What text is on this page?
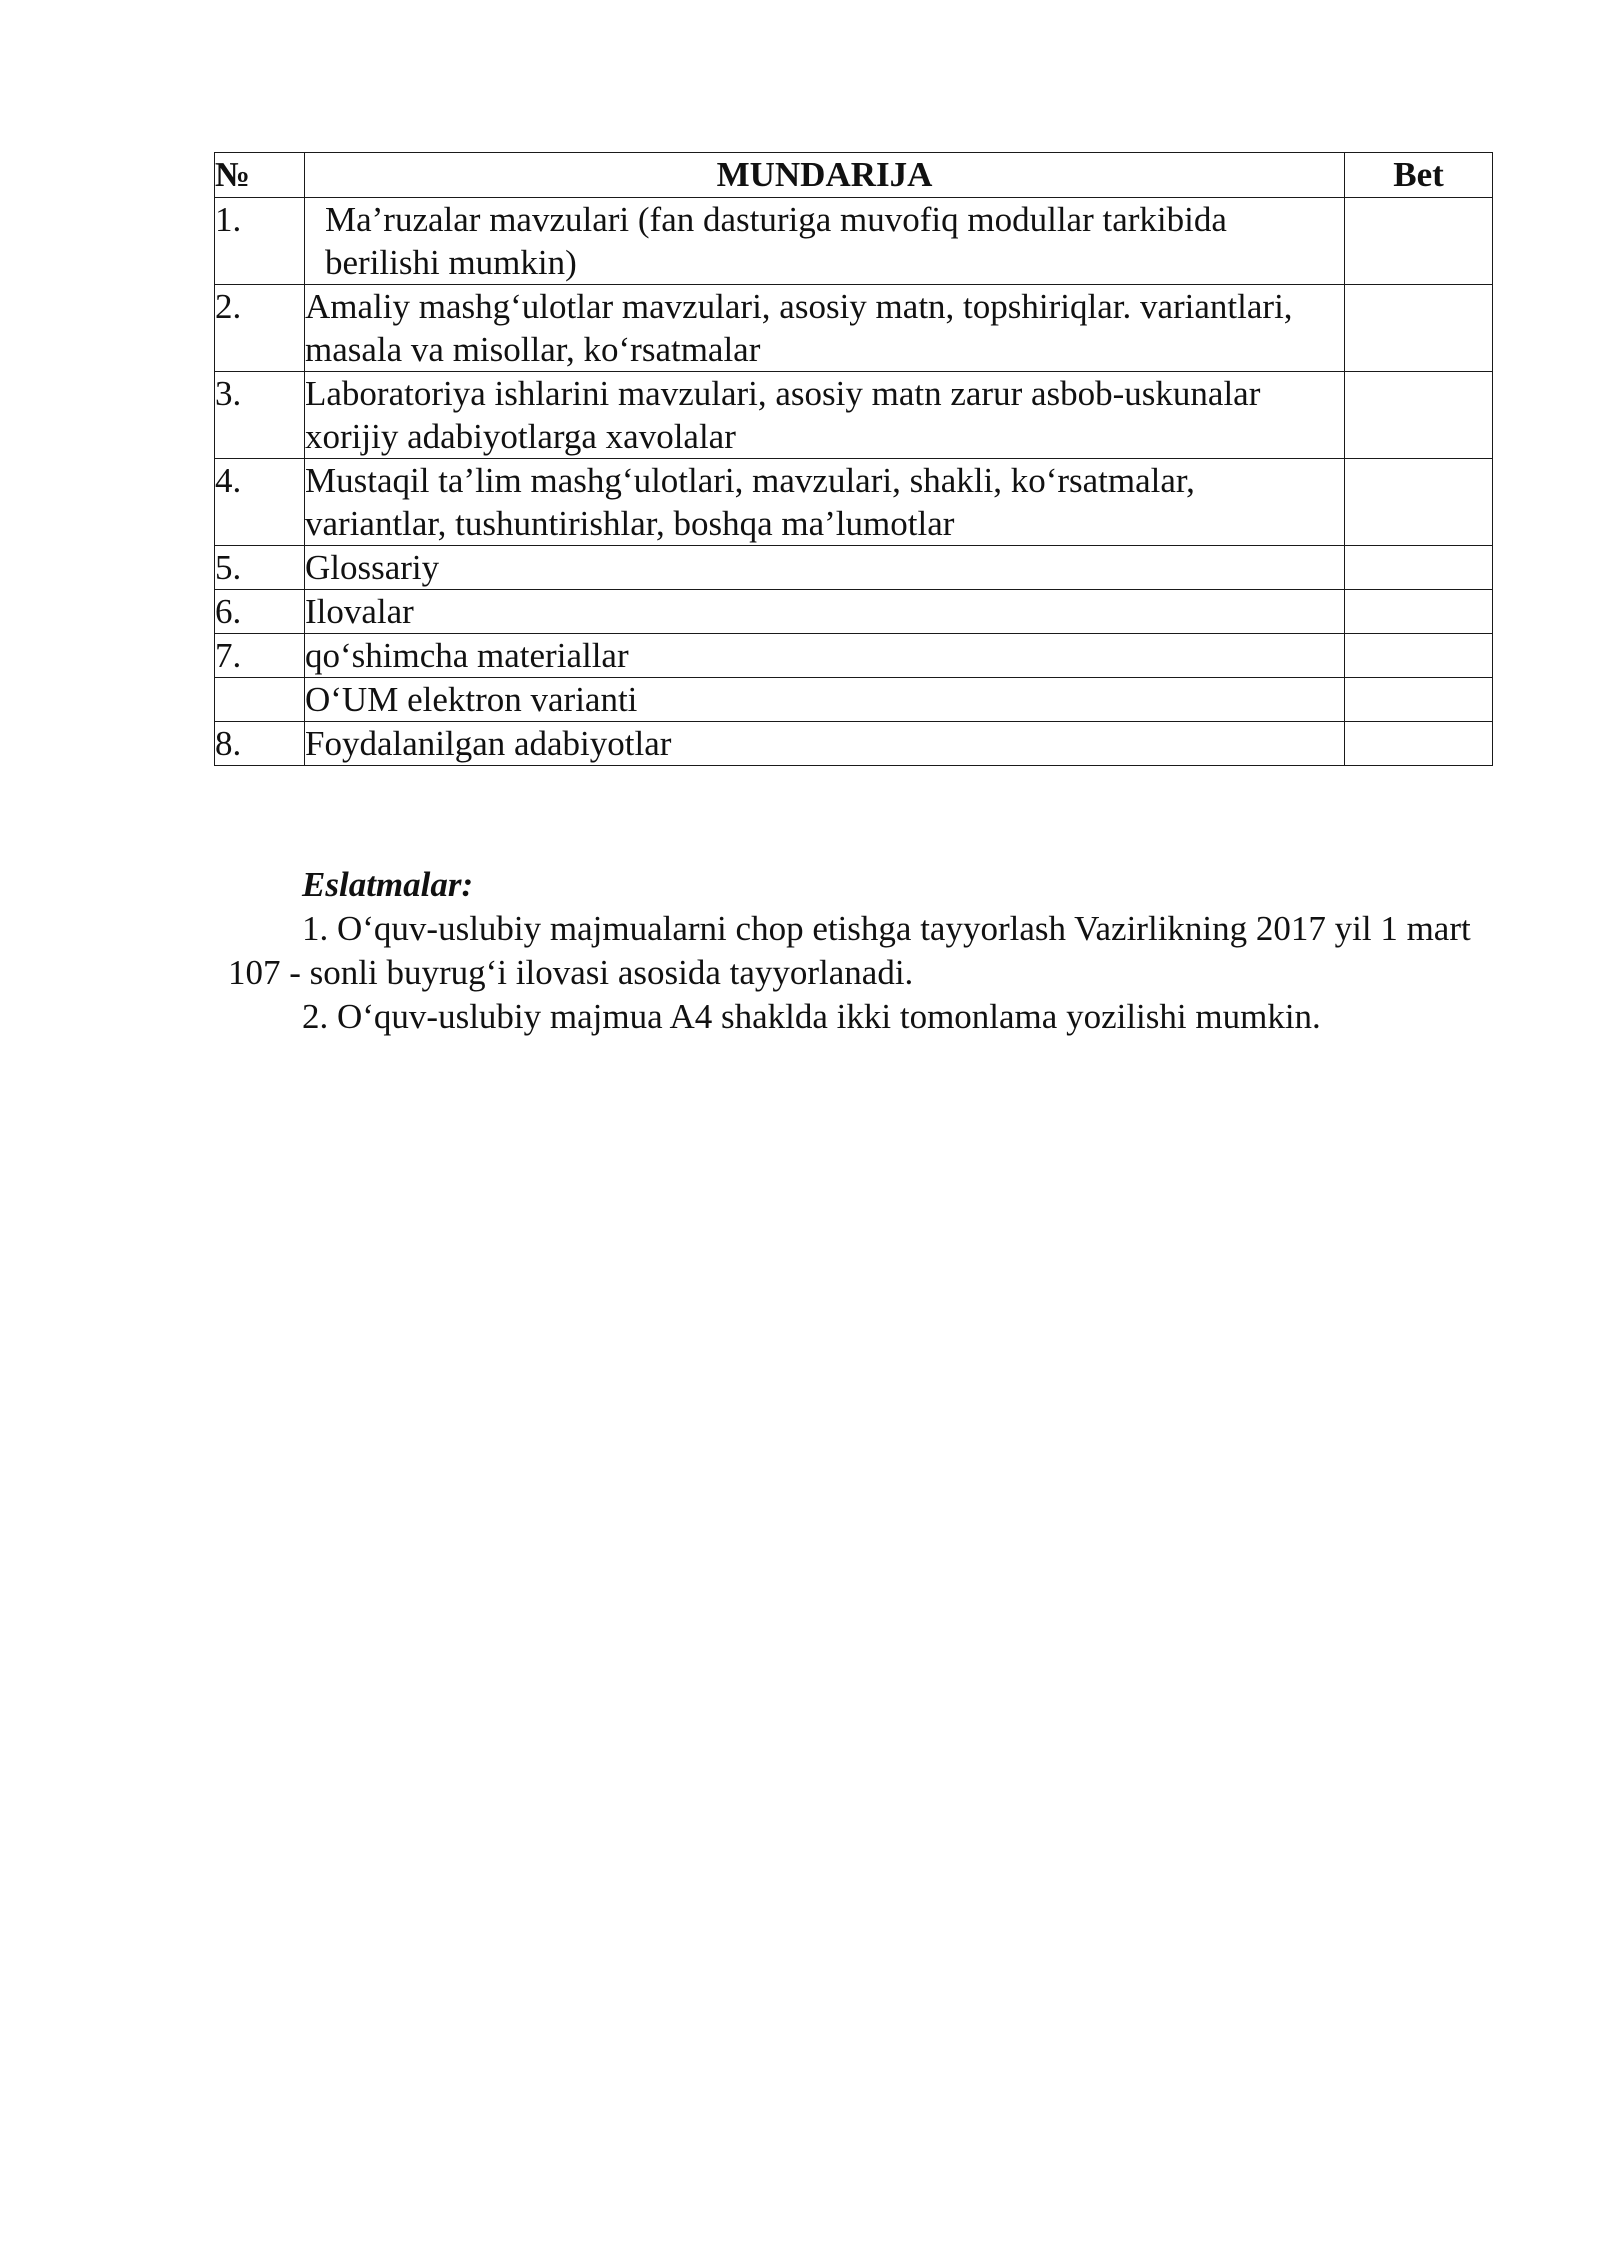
№	MUNDARIJA	Bet
1.	Ma’ruzalar mavzulari (fan dasturiga muvofiq modullar tarkibida berilishi mumkin)	
2.	Amaliy mashg‘ulotlar mavzulari, asosiy matn, topshiriqlar. variantlari, masala va misollar, ko‘rsatmalar	
3.	Laboratoriya ishlarini mavzulari, asosiy matn zarur asbob-uskunalar xorijiy adabiyotlarga xavolalar	
4.	Mustaqil ta’lim mashg‘ulotlari, mavzulari, shakli, ko‘rsatmalar, variantlar, tushuntirishlar, boshqa ma’lumotlar	
5.	Glossariy	
6.	Ilovalar	
7.	qo‘shimcha materiallar	
	O‘UM elektron varianti	
8.	Foydalanilgan adabiyotlar	
Eslatmalar:

1. O‘quv-uslubiy majmualarni chop etishga tayyorlash Vazirlikning 2017 yil 1 mart 107 - sonli buyrug‘i ilovasi asosida tayyorlanadi.

2. O‘quv-uslubiy majmua A4 shakldа ikki tomonlama yozilishi mumkin.
